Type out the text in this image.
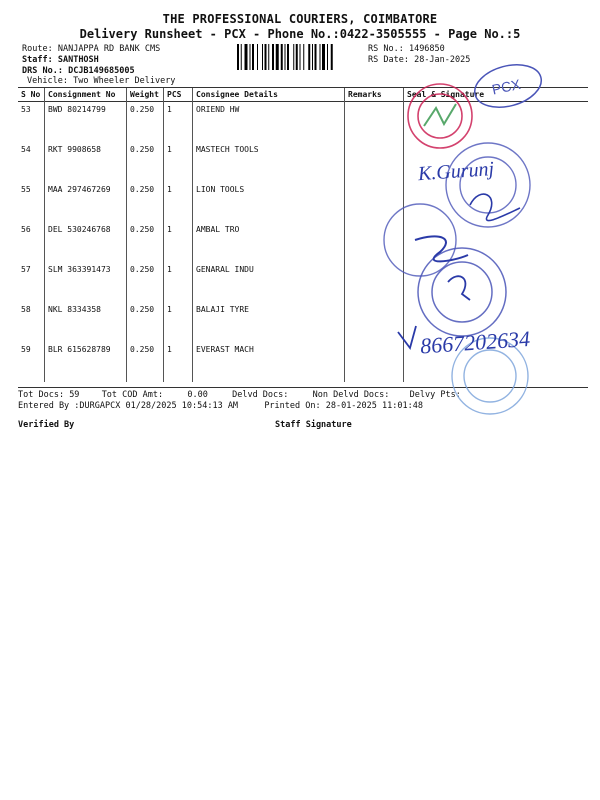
THE PROFESSIONAL COURIERS, COIMBATORE
Delivery Runsheet - PCX - Phone No.:0422-3505555 - Page No.:5
Route: NANJAPPA RD BANK CMS
Staff: SANTHOSH
DRS No.: DCJB149685005
Vehicle: Two Wheeler Delivery
RS No.: 1496850
RS Date: 28-Jan-2025
S No	Consignment No	Weight	PCS	Consignee Details	Remarks	Seal & Signature
53	BWD 80214799	0.250	1	ORIEND HW		
54	RKT 9908658	0.250	1	MASTECH TOOLS		
55	MAA 297467269	0.250	1	LION TOOLS		
56	DEL 530246768	0.250	1	AMBAL TRO		
57	SLM 363391473	0.250	1	GENARAL INDU		
58	NKL 8334358	0.250	1	BALAJI TYRE		
59	BLR 615628789	0.250	1	EVERAST MACH		
Tot Docs: 59	Tot COD Amt:	0.00	Delvd Docs:	Non Delvd Docs: Delvy Pts:
Entered By :DURGAPCX 01/28/2025 10:54:13 AM	Printed On: 28-01-2025 11:01:48
Verified By	Staff Signature
PCX
K.Gurunj
8667202634
